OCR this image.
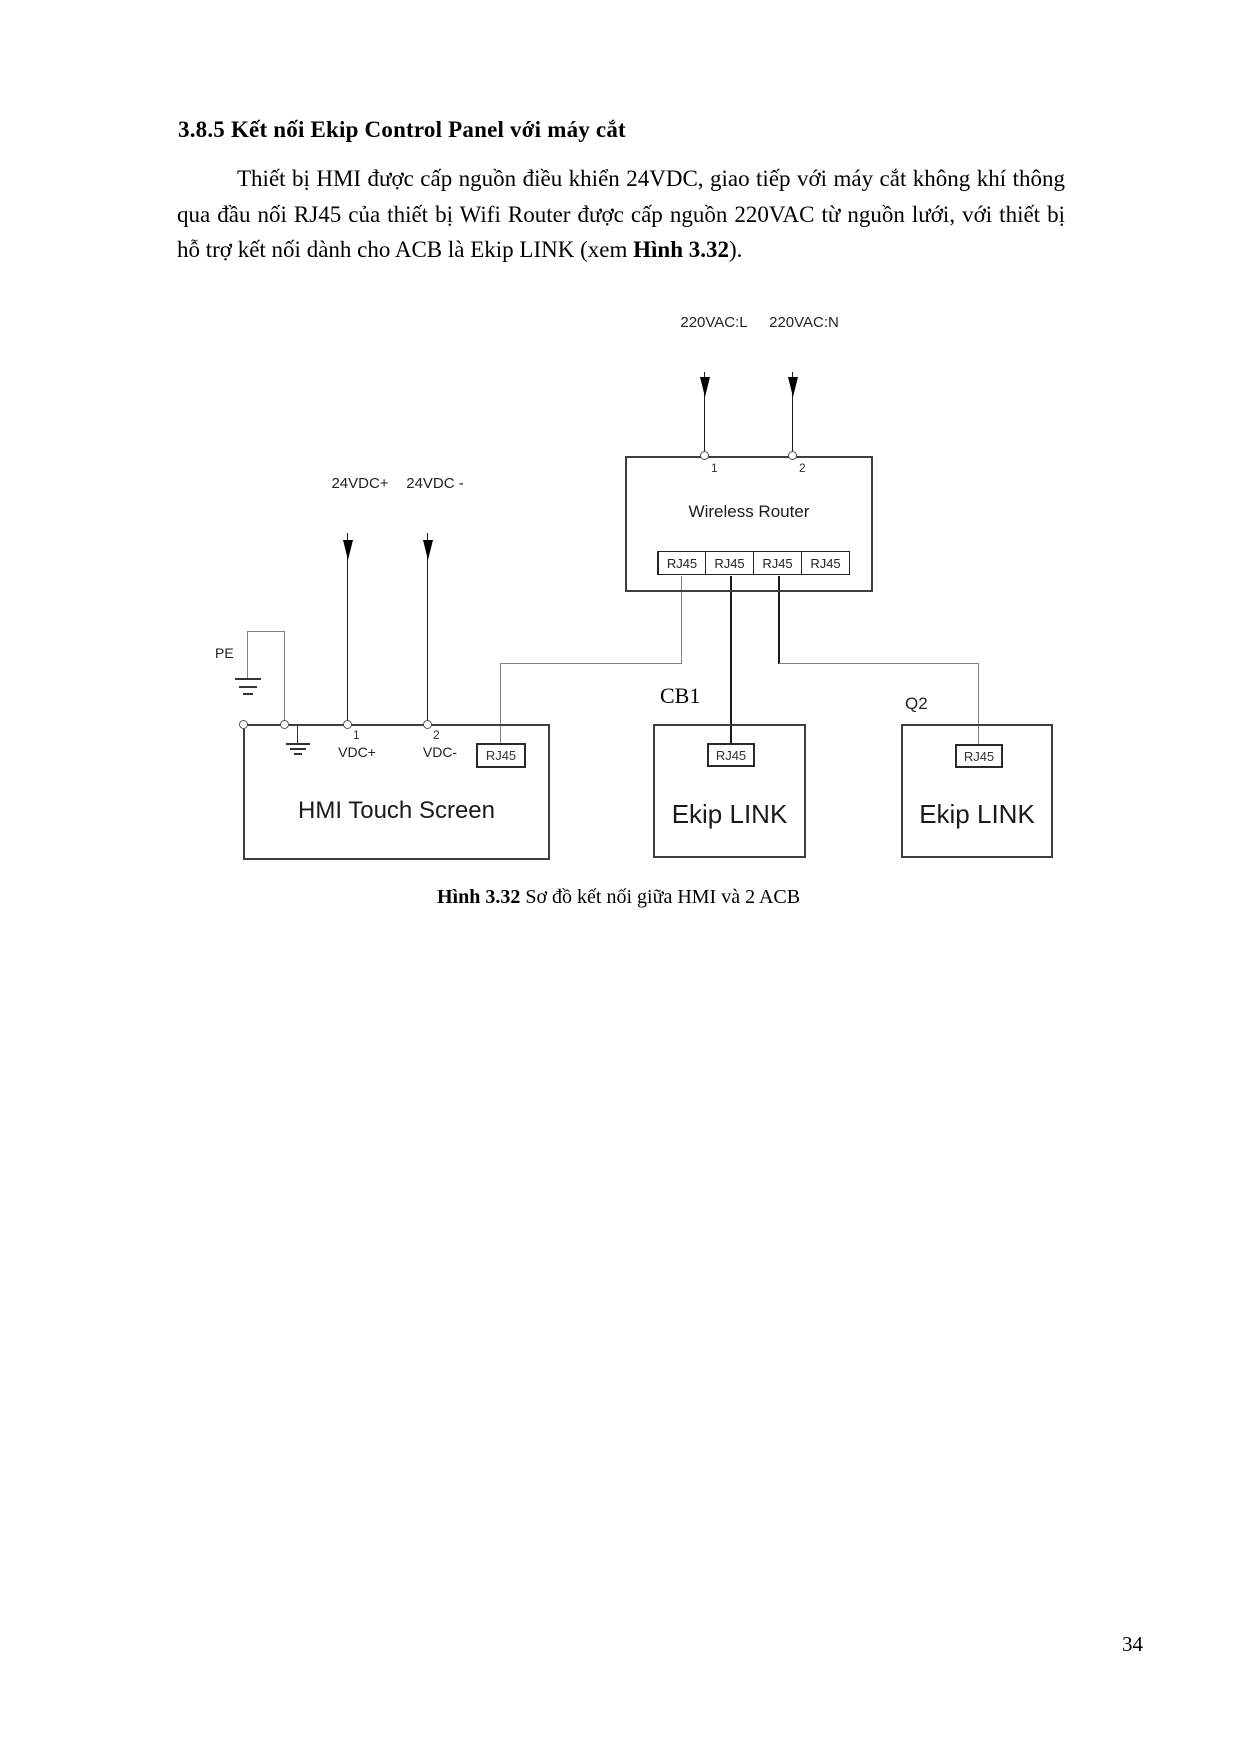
3.8.5 Kết nối Ekip Control Panel với máy cắt

Thiết bị HMI được cấp nguồn điều khiển 24VDC, giao tiếp với máy cắt không khí thông qua đầu nối RJ45 của thiết bị Wifi Router được cấp nguồn 220VAC từ nguồn lưới, với thiết bị hỗ trợ kết nối dành cho ACB là Ekip LINK (xem Hình 3.32).

220VAC:L	220VAC:N
Wireless Router
1	2
RJ45	RJ45	RJ45	RJ45
24VDC+	24VDC -
PE
HMI Touch Screen
1	2
VDC+	VDC-	RJ45
CB1
RJ45
Ekip LINK
Q2
RJ45
Ekip LINK
Hình 3.32 Sơ đồ kết nối giữa HMI và 2 ACB
34
